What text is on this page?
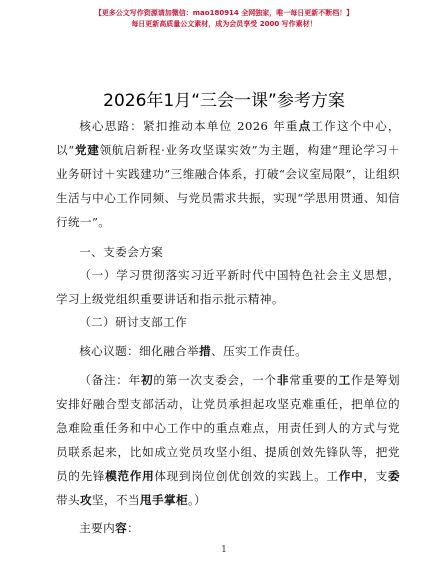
【更多公文写作资源请加微信：mao180914 全网独家，唯一每日更新不断档！】
每日更新高质量公文素材，成为会员享受 2000 写作素材！
2026年1月“三会一课”参考方案

核心思路：紧扣推动本单位 2026 年重点工作这个中心，以“党建领航启新程·业务攻坚谋实效”为主题，构建“理论学习＋业务研讨＋实践建功”三维融合体系，打破“会议室局限”，让组织生活与中心工作同频、与党员需求共振，实现“学思用贯通、知信行统一”。

一、支委会方案

（一）学习贯彻落实习近平新时代中国特色社会主义思想，学习上级党组织重要讲话和指示批示精神。

（二）研讨支部工作

核心议题：细化融合举措、压实工作责任。

（备注：年初的第一次支委会，一个非常重要的工作是筹划安排好融合型支部活动，让党员承担起攻坚克难重任，把单位的急难险重任务和中心工作中的重点难点，用责任到人的方式与党员联系起来，比如成立党员攻坚小组、提质创效先锋队等，把党员的先锋模范作用体现到岗位创优创效的实践上。工作中，支委带头攻坚，不当甩手掌柜。）

主要内容：

1
